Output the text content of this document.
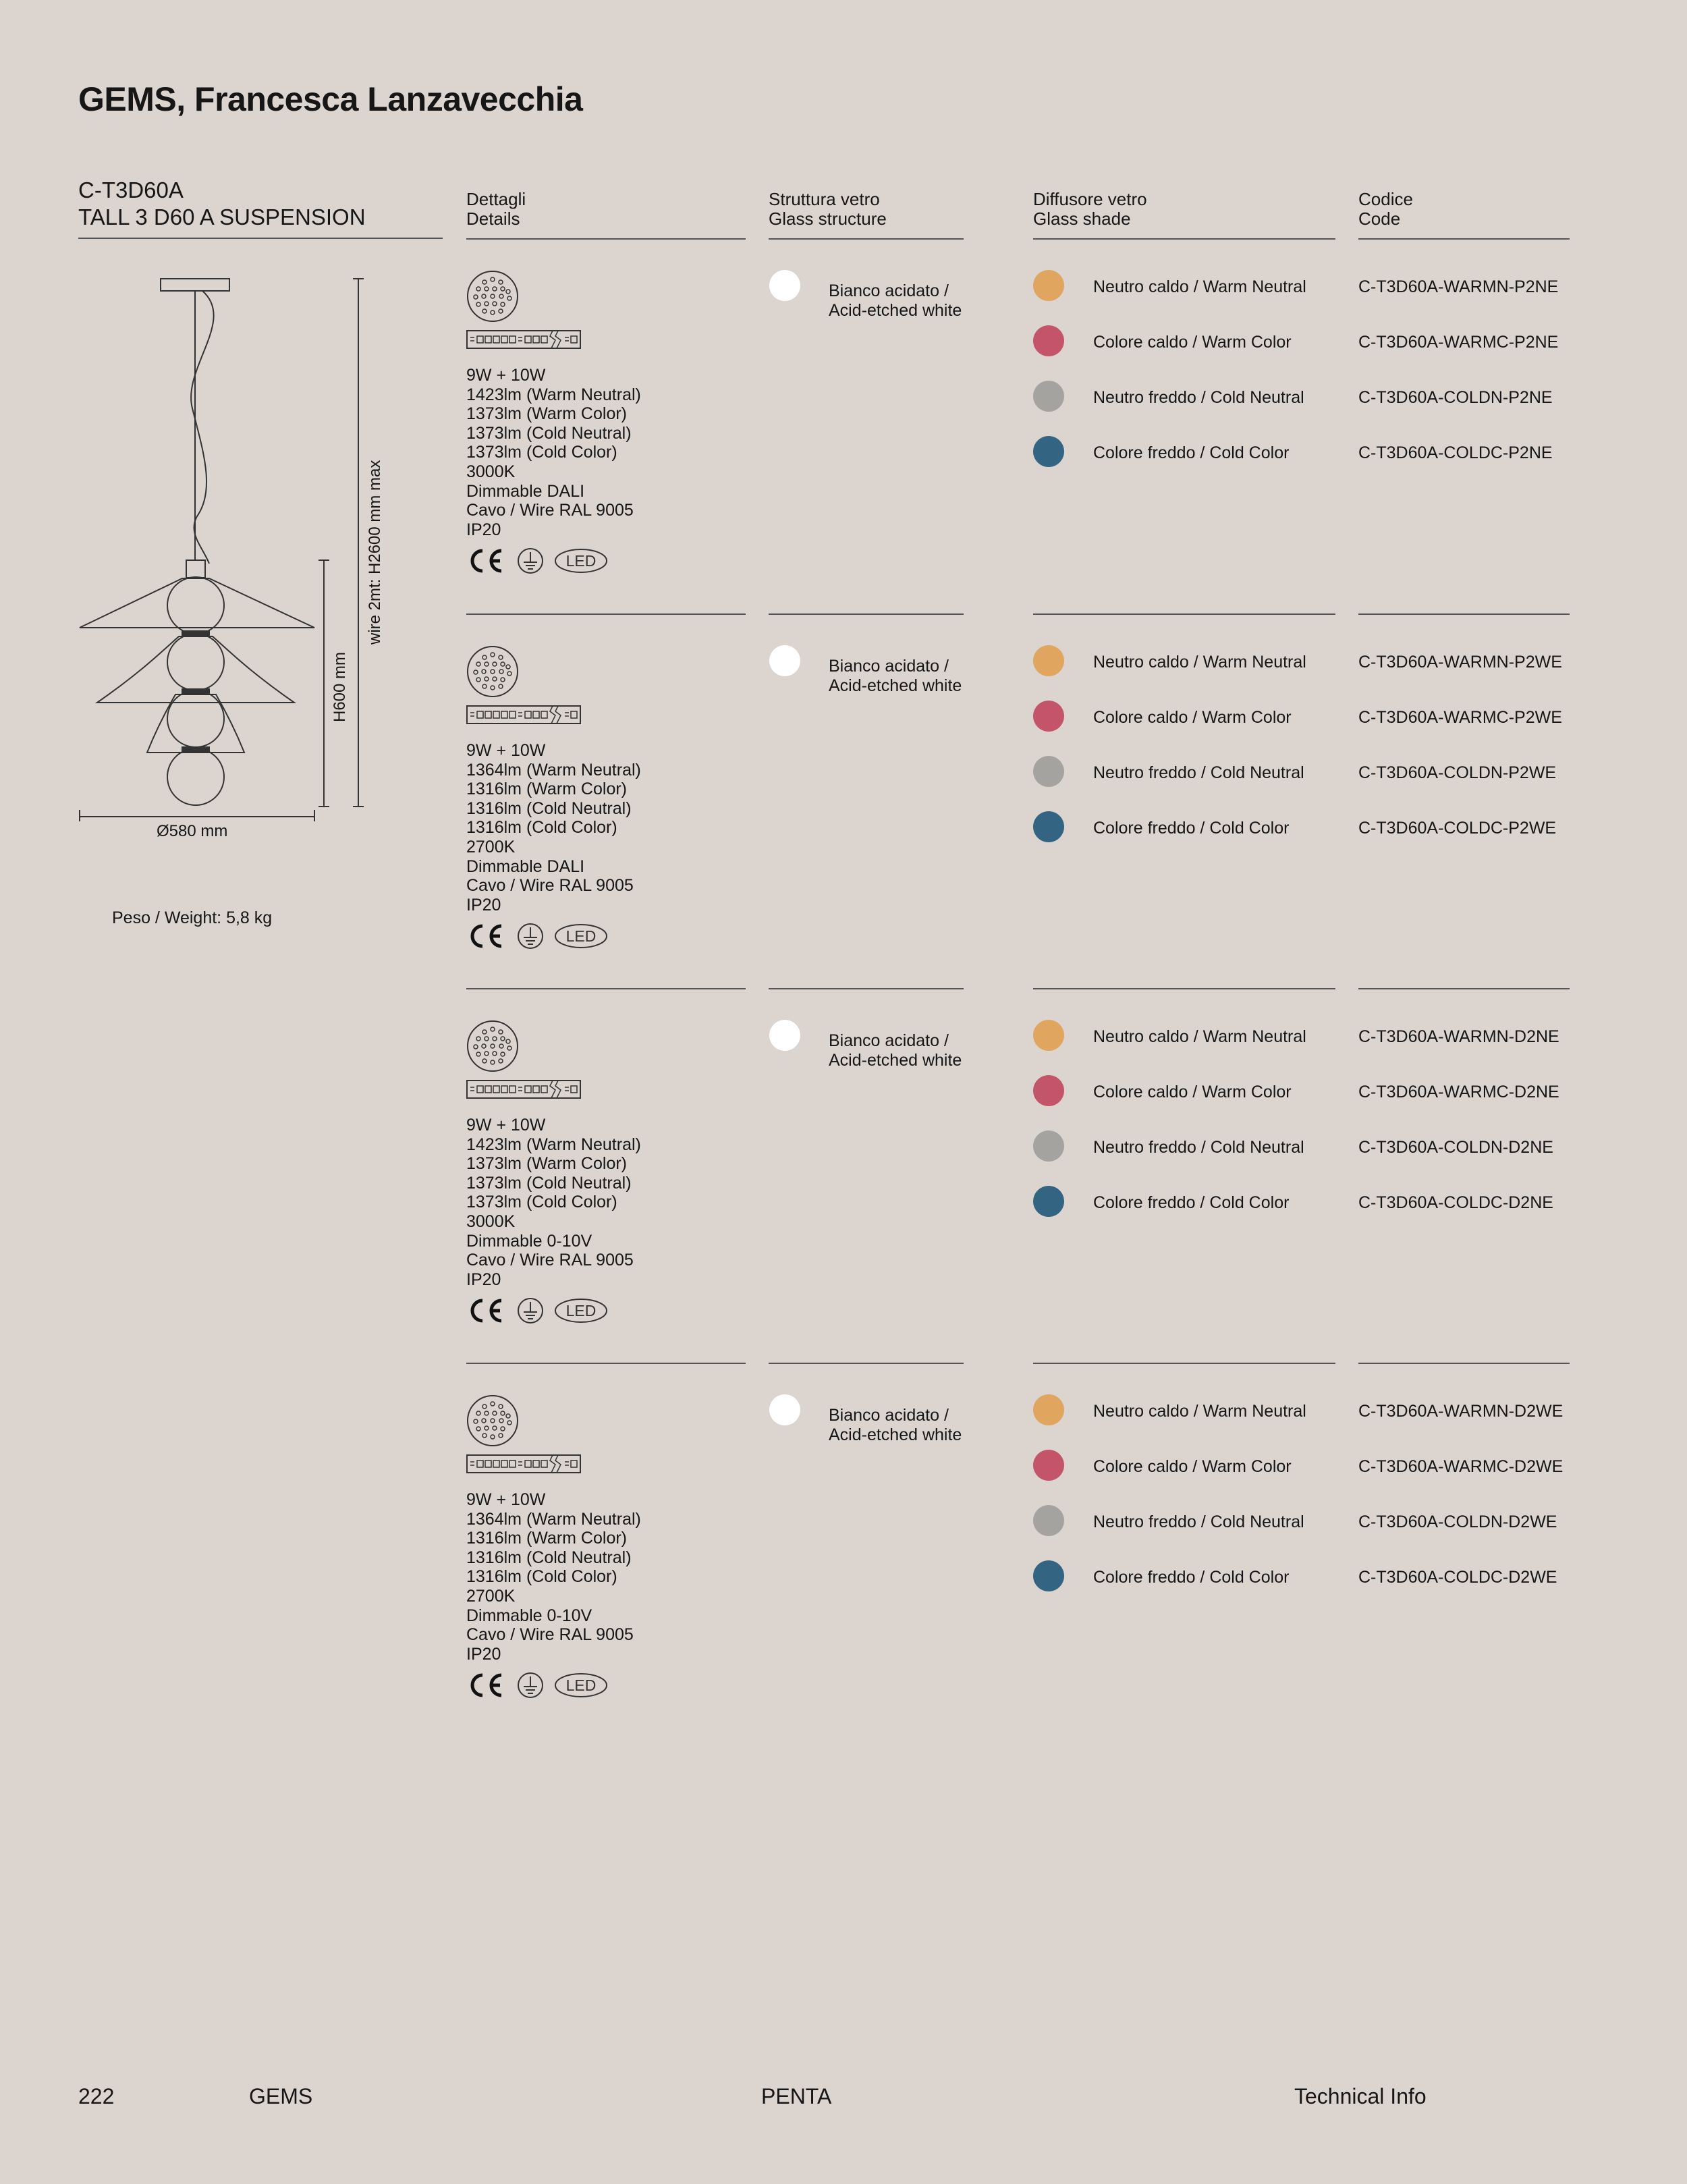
GEMS, Francesca Lanzavecchia
C-T3D60A
TALL 3 D60 A SUSPENSION
Dettagli
Details
Struttura vetro
Glass structure
Diffusore vetro
Glass shade
Codice
Code
H600 mm
wire 2mt: H2600 mm max
Ø580 mm
Peso / Weight: 5,8 kg
9W + 10W
1423lm (Warm Neutral)
1373lm (Warm Color)
1373lm (Cold Neutral)
1373lm (Cold Color)
3000K
Dimmable DALI
Cavo / Wire RAL 9005
IP20
LED
Bianco acidato / Acid-etched white
Neutro caldo / Warm Neutral	C-T3D60A-WARMN-P2NE
Colore caldo / Warm Color	C-T3D60A-WARMC-P2NE
Neutro freddo / Cold Neutral	C-T3D60A-COLDN-P2NE
Colore freddo / Cold Color	C-T3D60A-COLDC-P2NE
9W + 10W
1364lm (Warm Neutral)
1316lm (Warm Color)
1316lm (Cold Neutral)
1316lm (Cold Color)
2700K
Dimmable DALI
Cavo / Wire RAL 9005
IP20
LED
Bianco acidato / Acid-etched white
Neutro caldo / Warm Neutral	C-T3D60A-WARMN-P2WE
Colore caldo / Warm Color	C-T3D60A-WARMC-P2WE
Neutro freddo / Cold Neutral	C-T3D60A-COLDN-P2WE
Colore freddo / Cold Color	C-T3D60A-COLDC-P2WE
9W + 10W
1423lm (Warm Neutral)
1373lm (Warm Color)
1373lm (Cold Neutral)
1373lm (Cold Color)
3000K
Dimmable 0-10V
Cavo / Wire RAL 9005
IP20
LED
Bianco acidato / Acid-etched white
Neutro caldo / Warm Neutral	C-T3D60A-WARMN-D2NE
Colore caldo / Warm Color	C-T3D60A-WARMC-D2NE
Neutro freddo / Cold Neutral	C-T3D60A-COLDN-D2NE
Colore freddo / Cold Color	C-T3D60A-COLDC-D2NE
9W + 10W
1364lm (Warm Neutral)
1316lm (Warm Color)
1316lm (Cold Neutral)
1316lm (Cold Color)
2700K
Dimmable 0-10V
Cavo / Wire RAL 9005
IP20
LED
Bianco acidato / Acid-etched white
Neutro caldo / Warm Neutral	C-T3D60A-WARMN-D2WE
Colore caldo / Warm Color	C-T3D60A-WARMC-D2WE
Neutro freddo / Cold Neutral	C-T3D60A-COLDN-D2WE
Colore freddo / Cold Color	C-T3D60A-COLDC-D2WE
222	GEMS	PENTA	Technical Info
